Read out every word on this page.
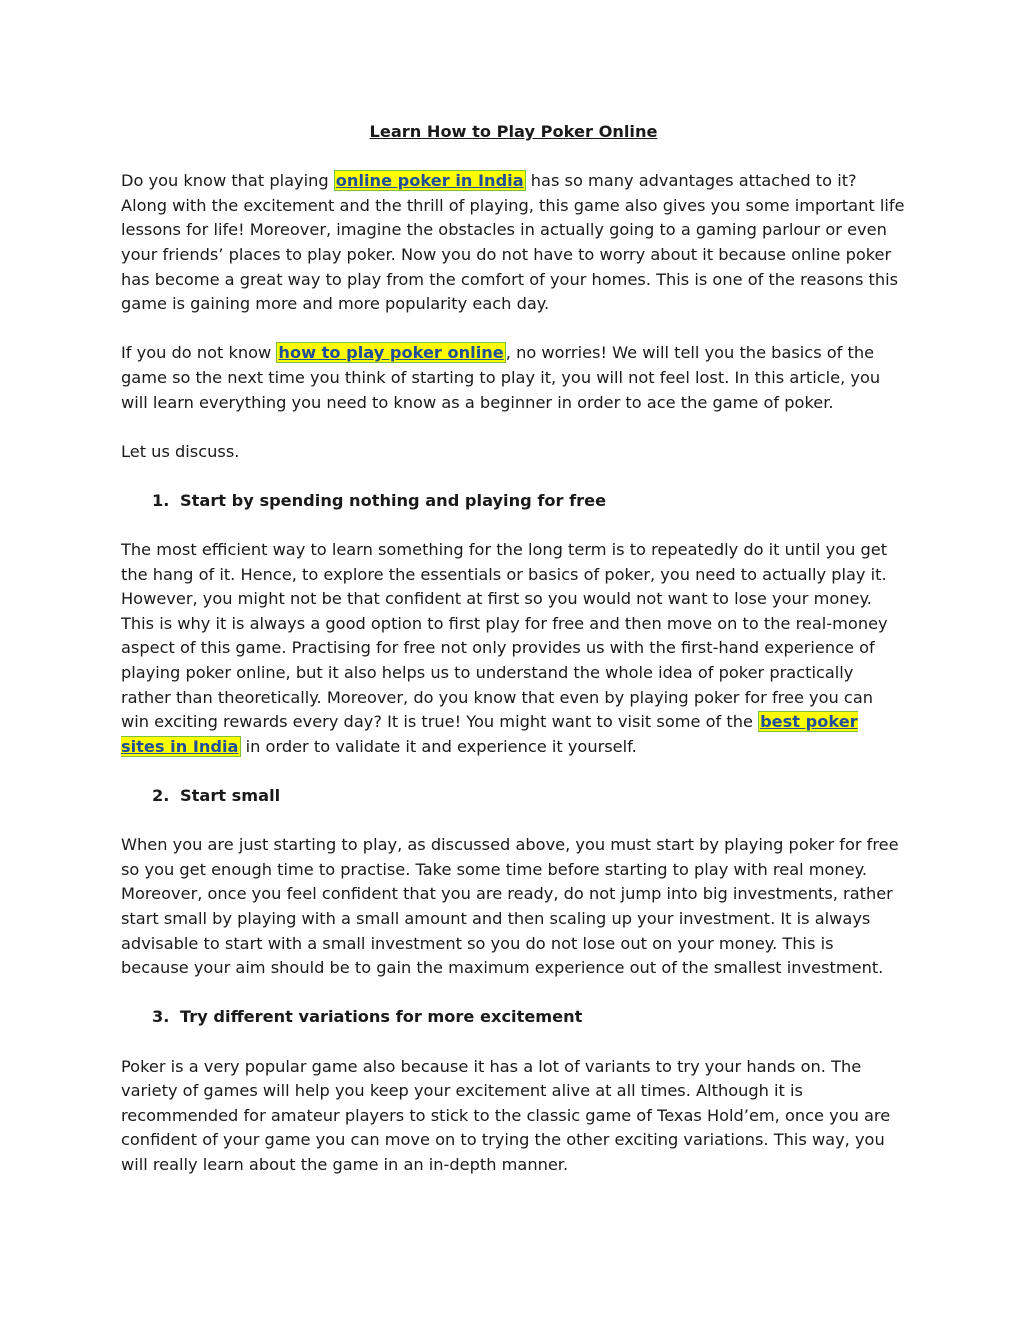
Learn How to Play Poker Online

Do you know that playing online poker in India has so many advantages attached to it? Along with the excitement and the thrill of playing, this game also gives you some important life lessons for life! Moreover, imagine the obstacles in actually going to a gaming parlour or even your friends’ places to play poker. Now you do not have to worry about it because online poker has become a great way to play from the comfort of your homes. This is one of the reasons this game is gaining more and more popularity each day.

If you do not know how to play poker online , no worries! We will tell you the basics of the game so the next time you think of starting to play it, you will not feel lost. In this article, you will learn everything you need to know as a beginner in order to ace the game of poker.

Let us discuss.

1. Start by spending nothing and playing for free

The most efficient way to learn something for the long term is to repeatedly do it until you get the hang of it. Hence, to explore the essentials or basics of poker, you need to actually play it. However, you might not be that confident at first so you would not want to lose your money. This is why it is always a good option to first play for free and then move on to the real-money aspect of this game. Practising for free not only provides us with the first-hand experience of playing poker online, but it also helps us to understand the whole idea of poker practically rather than theoretically. Moreover, do you know that even by playing poker for free you can win exciting rewards every day? It is true! You might want to visit some of the best poker sites in India in order to validate it and experience it yourself.

2. Start small

When you are just starting to play, as discussed above, you must start by playing poker for free so you get enough time to practise. Take some time before starting to play with real money. Moreover, once you feel confident that you are ready, do not jump into big investments, rather start small by playing with a small amount and then scaling up your investment. It is always advisable to start with a small investment so you do not lose out on your money. This is because your aim should be to gain the maximum experience out of the smallest investment.

3. Try different variations for more excitement

Poker is a very popular game also because it has a lot of variants to try your hands on. The variety of games will help you keep your excitement alive at all times. Although it is recommended for amateur players to stick to the classic game of Texas Hold’em, once you are confident of your game you can move on to trying the other exciting variations. This way, you will really learn about the game in an in-depth manner.
